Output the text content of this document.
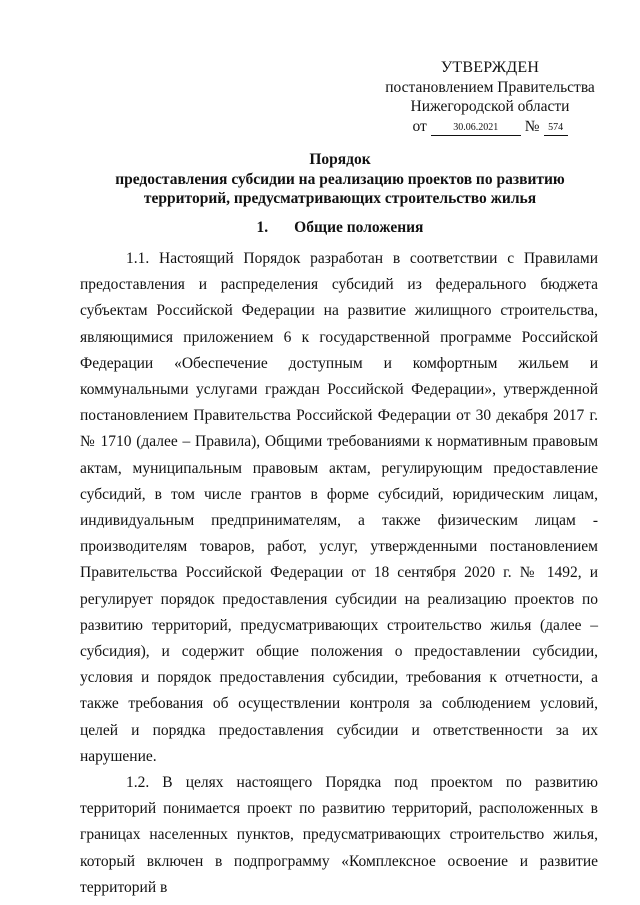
УТВЕРЖДЕН
постановлением Правительства
Нижегородской области
от	30.06.2021	№ 574
Порядок
предоставления субсидии на реализацию проектов по развитию
территорий, предусматривающих строительство жилья
1. Общие положения

1.1. Настоящий Порядок разработан в соответствии с Правилами предоставления и распределения субсидий из федерального бюджета субъектам Российской Федерации на развитие жилищного строительства, являющимися приложением 6 к государственной программе Российской Федерации «Обеспечение доступным и комфортным жильем и коммунальными услугами граждан Российской Федерации», утвержденной постановлением Правительства Российской Федерации от 30 декабря 2017 г. № 1710 (далее – Правила), Общими требованиями к нормативным правовым актам, муниципальным правовым актам, регулирующим предоставление субсидий, в том числе грантов в форме субсидий, юридическим лицам, индивидуальным предпринимателям, а также физическим лицам - производителям товаров, работ, услуг, утвержденными постановлением Правительства Российской Федерации от 18 сентября 2020 г. № 1492, и регулирует порядок предоставления субсидии на реализацию проектов по развитию территорий, предусматривающих строительство жилья (далее – субсидия), и содержит общие положения о предоставлении субсидии, условия и порядок предоставления субсидии, требования к отчетности, а также требования об осуществлении контроля за соблюдением условий, целей и порядка предоставления субсидии и ответственности за их нарушение.

1.2. В целях настоящего Порядка под проектом по развитию территорий понимается проект по развитию территорий, расположенных в границах населенных пунктов, предусматривающих строительство жилья, который включен в подпрограмму «Комплексное освоение и развитие территорий в
